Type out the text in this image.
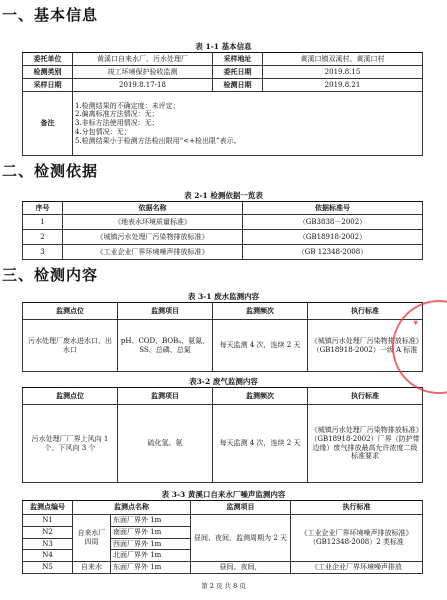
一、基本信息
表 1-1 基本信息
委托单位	黄溪口自来水厂、污水处理厂	采样地址	黄溪口镇双溪村、黄溪口村
检测类别	竣工环境保护验收监测	委托日期	2019.8.15
采样日期	2019.8.17-18	检测日期	2019.8.21
备注	1.检测结果的不确定度：未评定；
2.偏离标准方法情况：无；
3.非标方法使用情况：无；
4.分包情况：无；
5.检测结果小于检测方法检出限用“<+检出限”表示。		
二、检测依据
表 2-1 检测依据一览表
序号	依据名称	依据标准号
1	《地表水环境质量标准》	（GB3838－2002）
2	《城镇污水处理厂污染物排放标准》	（GB18918-2002）
3	《工业企业厂界环境噪声排放标准》	（GB 12348-2008）
三、检测内容
表 3-1 废水监测内容
监测点位	监测项目	监测频次	执行标准
污水处理厂废水进水口、出水口	pH、COD、BOB₅、氨氮、SS、总磷、总氮	每天监测 4 次，连续 2 天	《城镇污水处理厂污染物排放标准》（GB18918-2002）一级 A 标准
表3-2 废气监测内容
监测点位	监测项目	监测频次	执行标准
污水处理厂厂界上风向 1 个、下风向 3 个	硫化氢、氨	每天监测 4 次，连续 2 天	《城镇污水处理厂污染物排放标准》（GB18918-2002）厂界（防护带边缘）废气排放最高允许浓度二级标准要求
表 3-3 黄溪口自来水厂噪声监测内容
监测点编号	监测点名称		监测项目	执行标准
N1	自来水厂四周	东面厂界外 1m	昼间、夜间，监测周期为 2 天	《工业企业厂界环境噪声排放标准》（GB12348-2008）2 类标准
N2		南面厂界外 1m		
N3		西面厂界外 1m		
N4		北面厂界外 1m		
N5	自来水	东面厂界外 1m	昼间、夜间，	《工业企业厂界环境噪声排放
第 2 页 共 8 页
★
